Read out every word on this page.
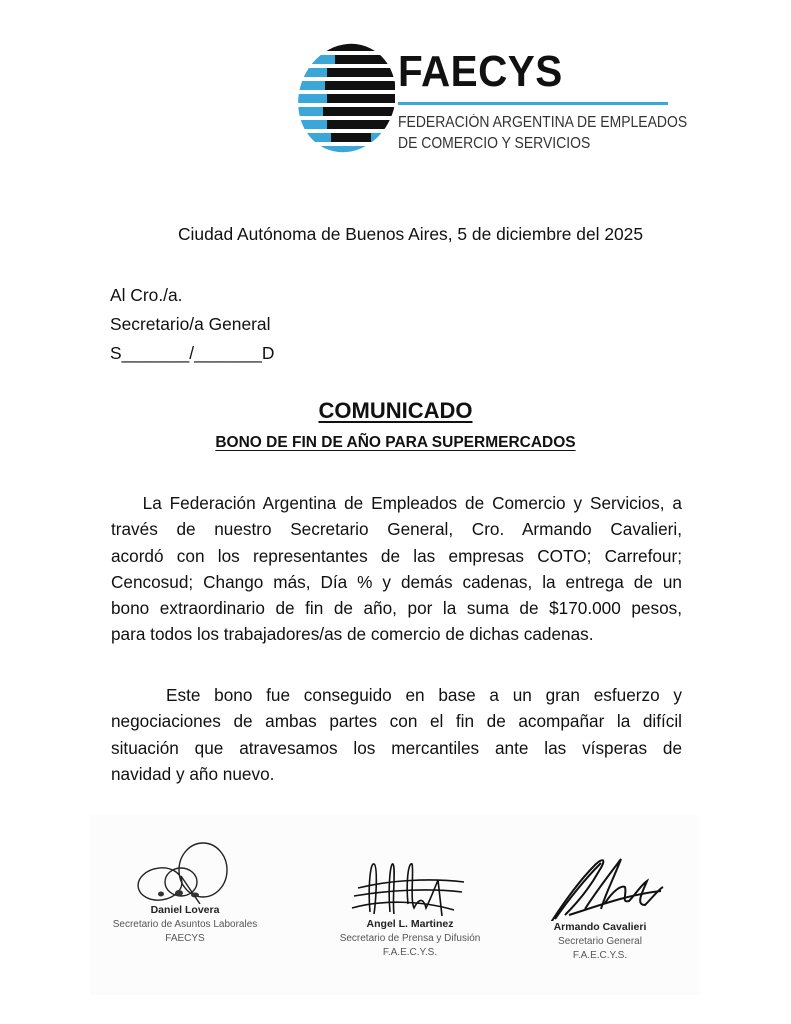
FAECYS
FEDERACIÓN ARGENTINA DE EMPLEADOS
DE COMERCIO Y SERVICIOS
Ciudad Autónoma de Buenos Aires, 5 de diciembre del 2025
Al Cro./a.
Secretario/a General
S_______/_______D
COMUNICADO
BONO DE FIN DE AÑO PARA SUPERMERCADOS
La Federación Argentina de Empleados de Comercio y Servicios, a
través de nuestro Secretario General, Cro. Armando Cavalieri,
acordó con los representantes de las empresas COTO; Carrefour;
Cencosud; Chango más, Día % y demás cadenas, la entrega de un
bono extraordinario de fin de año, por la suma de $170.000 pesos,
para todos los trabajadores/as de comercio de dichas cadenas.
Este bono fue conseguido en base a un gran esfuerzo y
negociaciones de ambas partes con el fin de acompañar la difícil
situación que atravesamos los mercantiles ante las vísperas de
navidad y año nuevo.
Daniel Lovera
Secretario de Asuntos Laborales
FAECYS
Angel L. Martinez
Secretario de Prensa y Difusión
F.A.E.C.Y.S.
Armando Cavalieri
Secretario General
F.A.E.C.Y.S.
